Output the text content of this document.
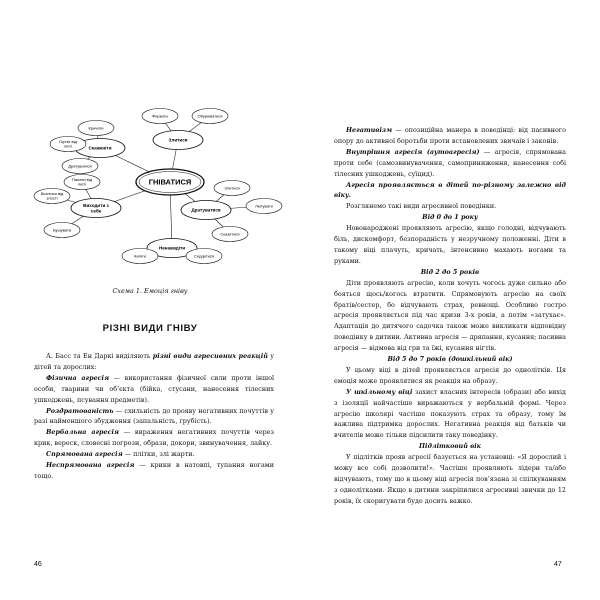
ГНІВАТИСЯ
Скаженіти
Кричати
Горіти від люті
Дратуватися
Злитися
Фиркати	Обурюватися
Виходити з себе
Палати від люті
Біситися від злості
Бушувати
Дратуватися
Злитися
Лютувати
Сказитися
Ненавидіти
Кипіти	Сердитися
Схема 1. Емоція гніву
РІЗНІ ВИДИ ГНІВУ

А. Басс та Ен Даркі виділяють різні види агресивних реакцій у дітей та дорослих:

Фізична агресія — використання фізичної сили проти іншої особи, тварини чи об’єкта (бійка, стусани, нанесення тілесних ушкоджень, псування предметів).

Роздратованість — схильність до прояву негативних почуттів у разі найменшого збудження (запальність, грубість).

Вербальна агресія — вираження негативних почуттів через крик, вереск, словесні погрози, образи, докори, звинувачення, лайку.

Спрямована агресія — плітки, злі жарти.

Неспрямована агресія — крики в натовпі, тупання ногами тощо.

46

Негативізм — опозиційна манера в поведінці: від пасивного опору до активної боротьби проти встановлених звичаїв і законів.

Внутрішня агресія (аутоагресія) — агресія, спрямована проти себе (самозвинувачення, самоприниження, нанесення собі тілесних ушкоджень, суїцид).

Агресія проявляється в дітей по-різному залежно від віку.

Розглянемо такі види агресивної поведінки.

Від 0 до 1 року

Новонароджені проявляють агресію, якщо голодні, відчувають біль, дискомфорт, безпорадність у незручному положенні. Діти в такому віці плачуть, кричать, інтенсивно махають ногами та руками.

Від 2 до 5 років

Діти проявляють агресію, коли хочуть чогось дуже сильно або бояться щось/когось втратити. Спрямовують агресію на своїх братів/сестер, бо відчувають страх, ревнощі. Особливо гостро агресія проявляється під час кризи 3-х років, а потім «затухає». Адаптація до дитячого садочка також може викликати відповідну поведінку в дитини. Активна агресія — дряпання, кусання; пасивна агресія — відмова від гри та їжі, кусання нігтів.

Від 5 до 7 років (дошкільний вік)

У цьому віці в дітей проявляється агресія до однолітків. Ця емоція може проявлятися як реакція на образу.

У шкільному віці захист власних інтересів (образи) або вихід з ізоляції найчастіше виражаються у вербальній формі. Через агресію школярі частіше показують страх та образу, тому їм важлива підтримка дорослих. Негативна реакція від батьків чи вчителів може тільки підсилити таку поведінку.

Підлітковий вік

У підлітків прояв агресії базується на установці: «Я дорослий і можу все собі дозволити!». Частіше проявляють лідери та/або відчувають, тому що в цьому віці агресія пов’язана зі спілкуванням з однолітками. Якщо в дитини закріпилися агресивні звички до 12 років, їх скоригувати буде досить важко.

47
